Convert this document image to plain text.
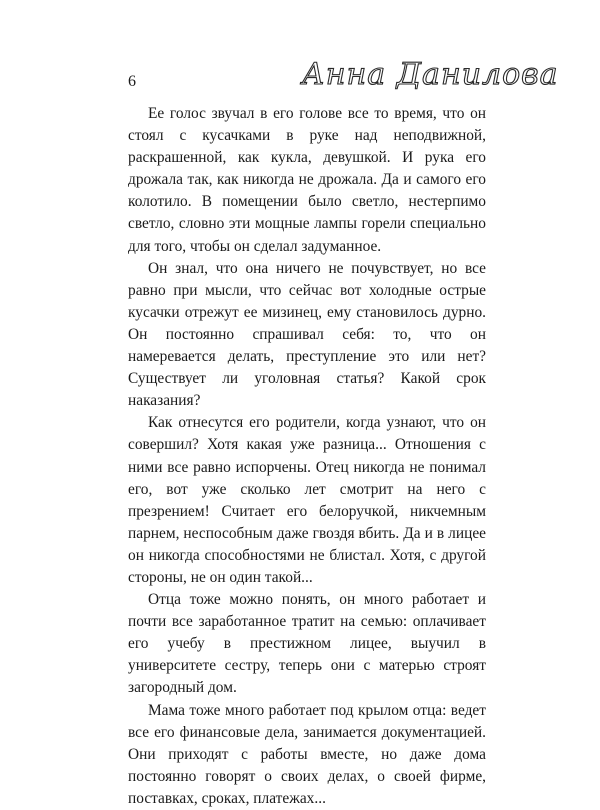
6	Анна Данилова

Ее голос звучал в его голове все то время, что он стоял с кусачками в руке над неподвижной, раскрашенной, как кукла, девушкой. И рука его дрожала так, как никогда не дрожала. Да и самого его колотило. В помещении было светло, нестерпимо светло, словно эти мощные лампы горели специально для того, чтобы он сделал задуманное.

Он знал, что она ничего не почувствует, но все равно при мысли, что сейчас вот холодные острые кусачки отрежут ее мизинец, ему становилось дурно. Он постоянно спрашивал себя: то, что он намеревается делать, преступление это или нет? Существует ли уголовная статья? Какой срок наказания?

Как отнесутся его родители, когда узнают, что он совершил? Хотя какая уже разница... Отношения с ними все равно испорчены. Отец никогда не понимал его, вот уже сколько лет смотрит на него с презрением! Считает его белоручкой, никчемным парнем, неспособным даже гвоздя вбить. Да и в лицее он никогда способностями не блистал. Хотя, с другой стороны, не он один такой...

Отца тоже можно понять, он много работает и почти все заработанное тратит на семью: оплачивает его учебу в престижном лицее, выучил в университете сестру, теперь они с матерью строят загородный дом.

Мама тоже много работает под крылом отца: ведет все его финансовые дела, занимается документацией. Они приходят с работы вместе, но даже дома постоянно говорят о своих делах, о своей фирме, поставках, сроках, платежах...
